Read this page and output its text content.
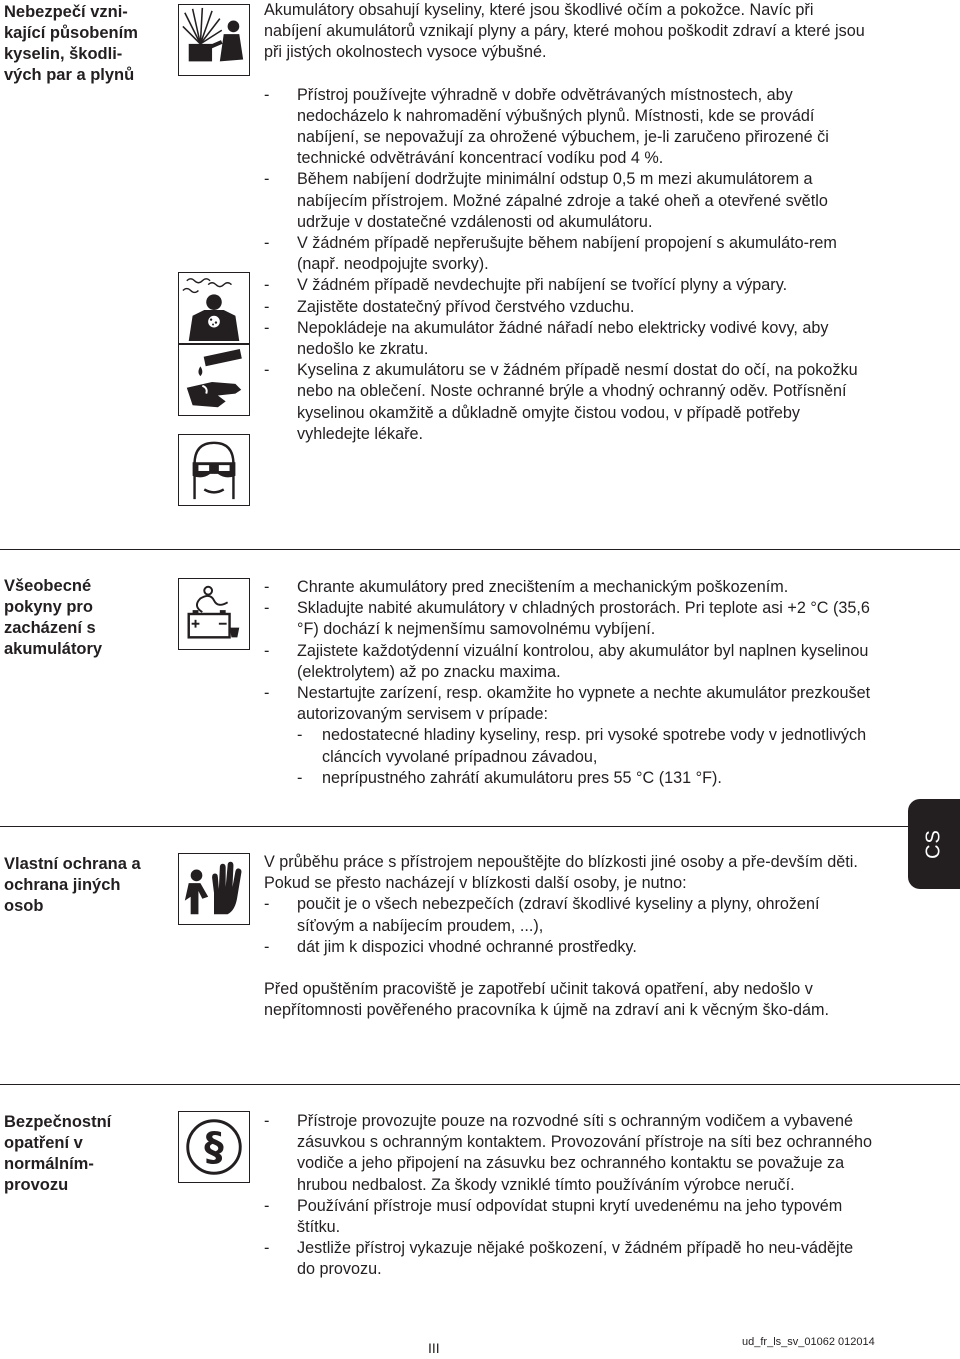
Nebezpečí vzni-
kající působením
kyselin, škodli-
vých par a plynů

Akumulátory obsahují kyseliny, které jsou škodlivé očím a pokožce. Navíc při nabíjení akumulátorů vznikají plyny a páry, které mohou poškodit zdraví a které jsou při jistých okolnostech vysoce výbušné.

- Přístroj používejte výhradně v dobře odvětrávaných místnostech, aby nedocházelo k nahromadění výbušných plynů. Místnosti, kde se provádí nabíjení, se nepovažují za ohrožené výbuchem, je-li zaručeno přirozené či technické odvětrávání koncentrací vodíku pod 4 %.

- Během nabíjení dodržujte minimální odstup 0,5 m mezi akumulátorem a nabíjecím přístrojem. Možné zápalné zdroje a také oheň a otevřené světlo udržuje v dostatečné vzdálenosti od akumulátoru.

- V žádném případě nepřerušujte během nabíjení propojení s akumuláto-rem (např. neodpojujte svorky).

- V žádném případě nevdechujte při nabíjení se tvořící plyny a výpary.

- Zajistěte dostatečný přívod čerstvého vzduchu.

- Nepokládeje na akumulátor žádné nářadí nebo elektricky vodivé kovy, aby nedošlo ke zkratu.

- Kyselina z akumulátoru se v žádném případě nesmí dostat do očí, na pokožku nebo na oblečení. Noste ochranné brýle a vhodný ochranný oděv. Potřísnění kyselinou okamžitě a důkladně omyjte čistou vodou, v případě potřeby vyhledejte lékaře.

Všeobecné
pokyny pro
zacházení s
akumulátory

- Chrante akumulátory pred znecištením a mechanickým poškozením.

- Skladujte nabité akumulátory v chladných prostorách. Pri teplote asi +2 °C (35,6 °F) dochází k nejmenšímu samovolnému vybíjení.

- Zajistete každotýdenní vizuální kontrolou, aby akumulátor byl naplnen kyselinou (elektrolytem) až po znacku maxima.

- Nestartujte zarízení, resp. okamžite ho vypnete a nechte akumulátor prezkoušet autorizovaným servisem v prípade:

- nedostatecné hladiny kyseliny, resp. pri vysoké spotrebe vody v jednotlivých cláncích vyvolané prípadnou závadou,

- neprípustného zahrátí akumulátoru pres 55 °C (131 °F).

CS
Vlastní ochrana a
ochrana jiných
osob

V průběhu práce s přístrojem nepouštějte do blízkosti jiné osoby a pře-devším děti. Pokud se přesto nacházejí v blízkosti další osoby, je nutno:

- poučit je o všech nebezpečích (zdraví škodlivé kyseliny a plyny, ohrožení síťovým a nabíjecím proudem, ...),

- dát jim k dispozici vhodné ochranné prostředky.

Před opuštěním pracoviště je zapotřebí učinit taková opatření, aby nedošlo v nepřítomnosti pověřeného pracovníka k újmě na zdraví ani k věcným ško-dám.

Bezpečnostní
opatření v
normálním-
provozu
§

- Přístroje provozujte pouze na rozvodné síti s ochranným vodičem a vybavené zásuvkou s ochranným kontaktem. Provozování přístroje na síti bez ochranného vodiče a jeho připojení na zásuvku bez ochranného kontaktu se považuje za hrubou nedbalost. Za škody vzniklé tímto používáním výrobce neručí.

- Používání přístroje musí odpovídat stupni krytí uvedenému na jeho typovém štítku.

- Jestliže přístroj vykazuje nějaké poškození, v žádném případě ho neu-vádějte do provozu.

III	ud_fr_ls_sv_01062 012014
